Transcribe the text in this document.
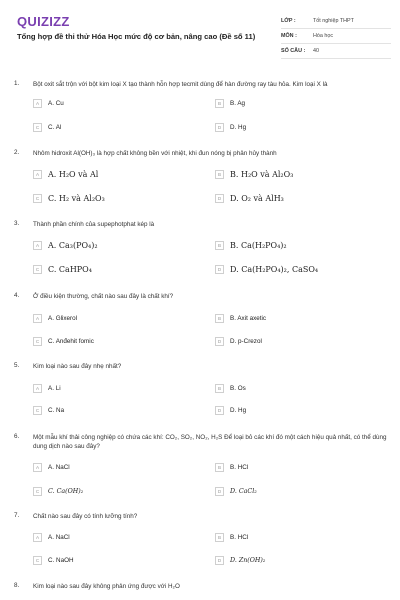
QUIZIZZ
Tổng hợp đề thi thử Hóa Học mức độ cơ bản, nâng cao (Đề số 11)
LỚP :	Tốt nghiệp THPT
MÔN :	Hóa học
SỐ CÂU :	40
1. Bột oxit sắt trộn với bột kim loại X tạo thành hỗn hợp tecmit dùng để hàn đường ray tàu hỏa. Kim loại X là
A	A. Cu	B	B. Ag
C	C. Al	D	D. Hg
2. Nhôm hidroxit Al(OH)₃ là hợp chất không bền với nhiệt, khi đun nóng bị phân hủy thành
A	A. H₂O và Al	B	B. H₂O và Al₂O₃
C	C. H₂ và Al₂O₃	D	D. O₂ và AlH₃
3. Thành phần chính của supephotphat kép là
A	A. Ca₃(PO₄)₂	B	B. Ca(H₂PO₄)₂
C	C. CaHPO₄	D	D. Ca(H₂PO₄)₂, CaSO₄
4. Ở điều kiện thường, chất nào sau đây là chất khí?
A	A. Glixerol	B	B. Axit axetic
C	C. Anđehit fomic	D	D. p-Crezol
5. Kim loại nào sau đây nhẹ nhất?
A	A. Li	B	B. Os
C	C. Na	D	D. Hg
6. Một mẫu khí thải công nghiệp có chứa các khí: CO₂, SO₂, NO₂, H₂S Để loại bỏ các khí đó một cách hiệu quả nhất, có thể dùng dung dịch nào sau đây?
A	A. NaCl	B	B. HCl
C	C. Ca(OH)₂	D	D. CaCl₂
7. Chất nào sau đây có tính lưỡng tính?
A	A. NaCl	B	B. HCl
C	C. NaOH	D	D. Zn(OH)₂
8. Kim loại nào sau đây không phản ứng được với H₂O
